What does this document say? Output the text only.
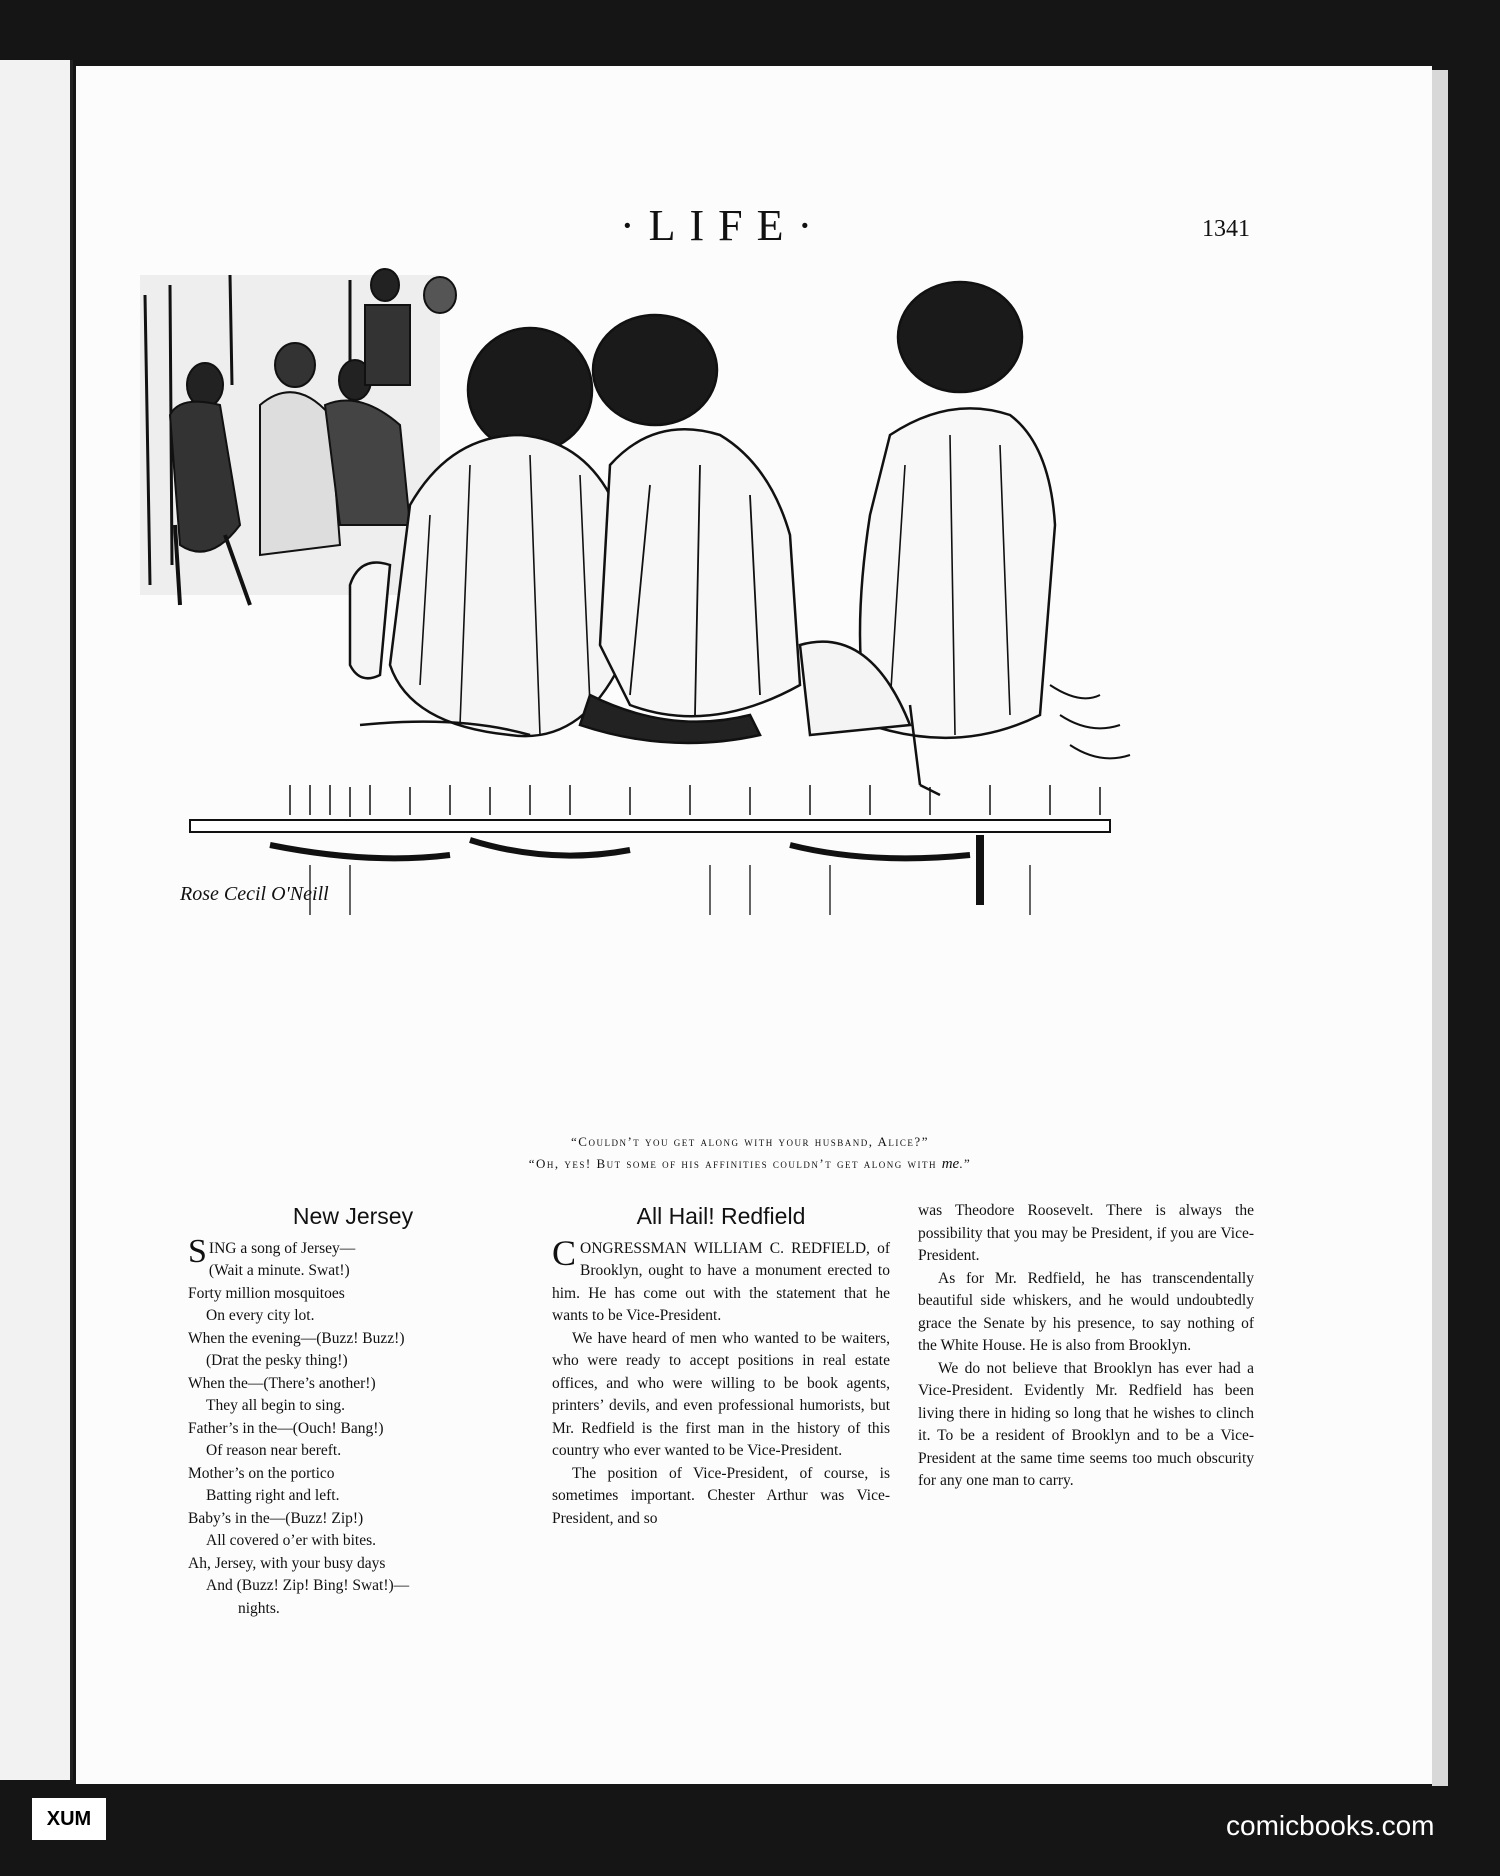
·LIFE·	1341
Rose Cecil O'Neill
“Couldn’t you get along with your husband, Alice?”
“Oh, yes! But some of his affinities couldn’t get along with me.”
New Jersey
S ING a song of Jersey—
(Wait a minute. Swat!)
Forty million mosquitoes
On every city lot.
When the evening—(Buzz! Buzz!)
(Drat the pesky thing!)
When the—(There’s another!)
They all begin to sing.
Father’s in the—(Ouch! Bang!)
Of reason near bereft.
Mother’s on the portico
Batting right and left.
Baby’s in the—(Buzz! Zip!)
All covered o’er with bites.
Ah, Jersey, with your busy days
And (Buzz! Zip! Bing! Swat!)—
nights.
All Hail! Redfield

CONGRESSMAN WILLIAM C. REDFIELD, of Brooklyn, ought to have a monument erected to him. He has come out with the statement that he wants to be Vice-President.

We have heard of men who wanted to be waiters, who were ready to accept positions in real estate offices, and who were willing to be book agents, printers’ devils, and even professional humorists, but Mr. Redfield is the first man in the history of this country who ever wanted to be Vice-President.

The position of Vice-President, of course, is sometimes important. Chester Arthur was Vice-President, and so

was Theodore Roosevelt. There is always the possibility that you may be President, if you are Vice-President.

As for Mr. Redfield, he has transcendentally beautiful side whiskers, and he would undoubtedly grace the Senate by his presence, to say nothing of the White House. He is also from Brooklyn.

We do not believe that Brooklyn has ever had a Vice-President. Evidently Mr. Redfield has been living there in hiding so long that he wishes to clinch it. To be a resident of Brooklyn and to be a Vice-President at the same time seems too much obscurity for any one man to carry.

XUM	comicbooks.com
